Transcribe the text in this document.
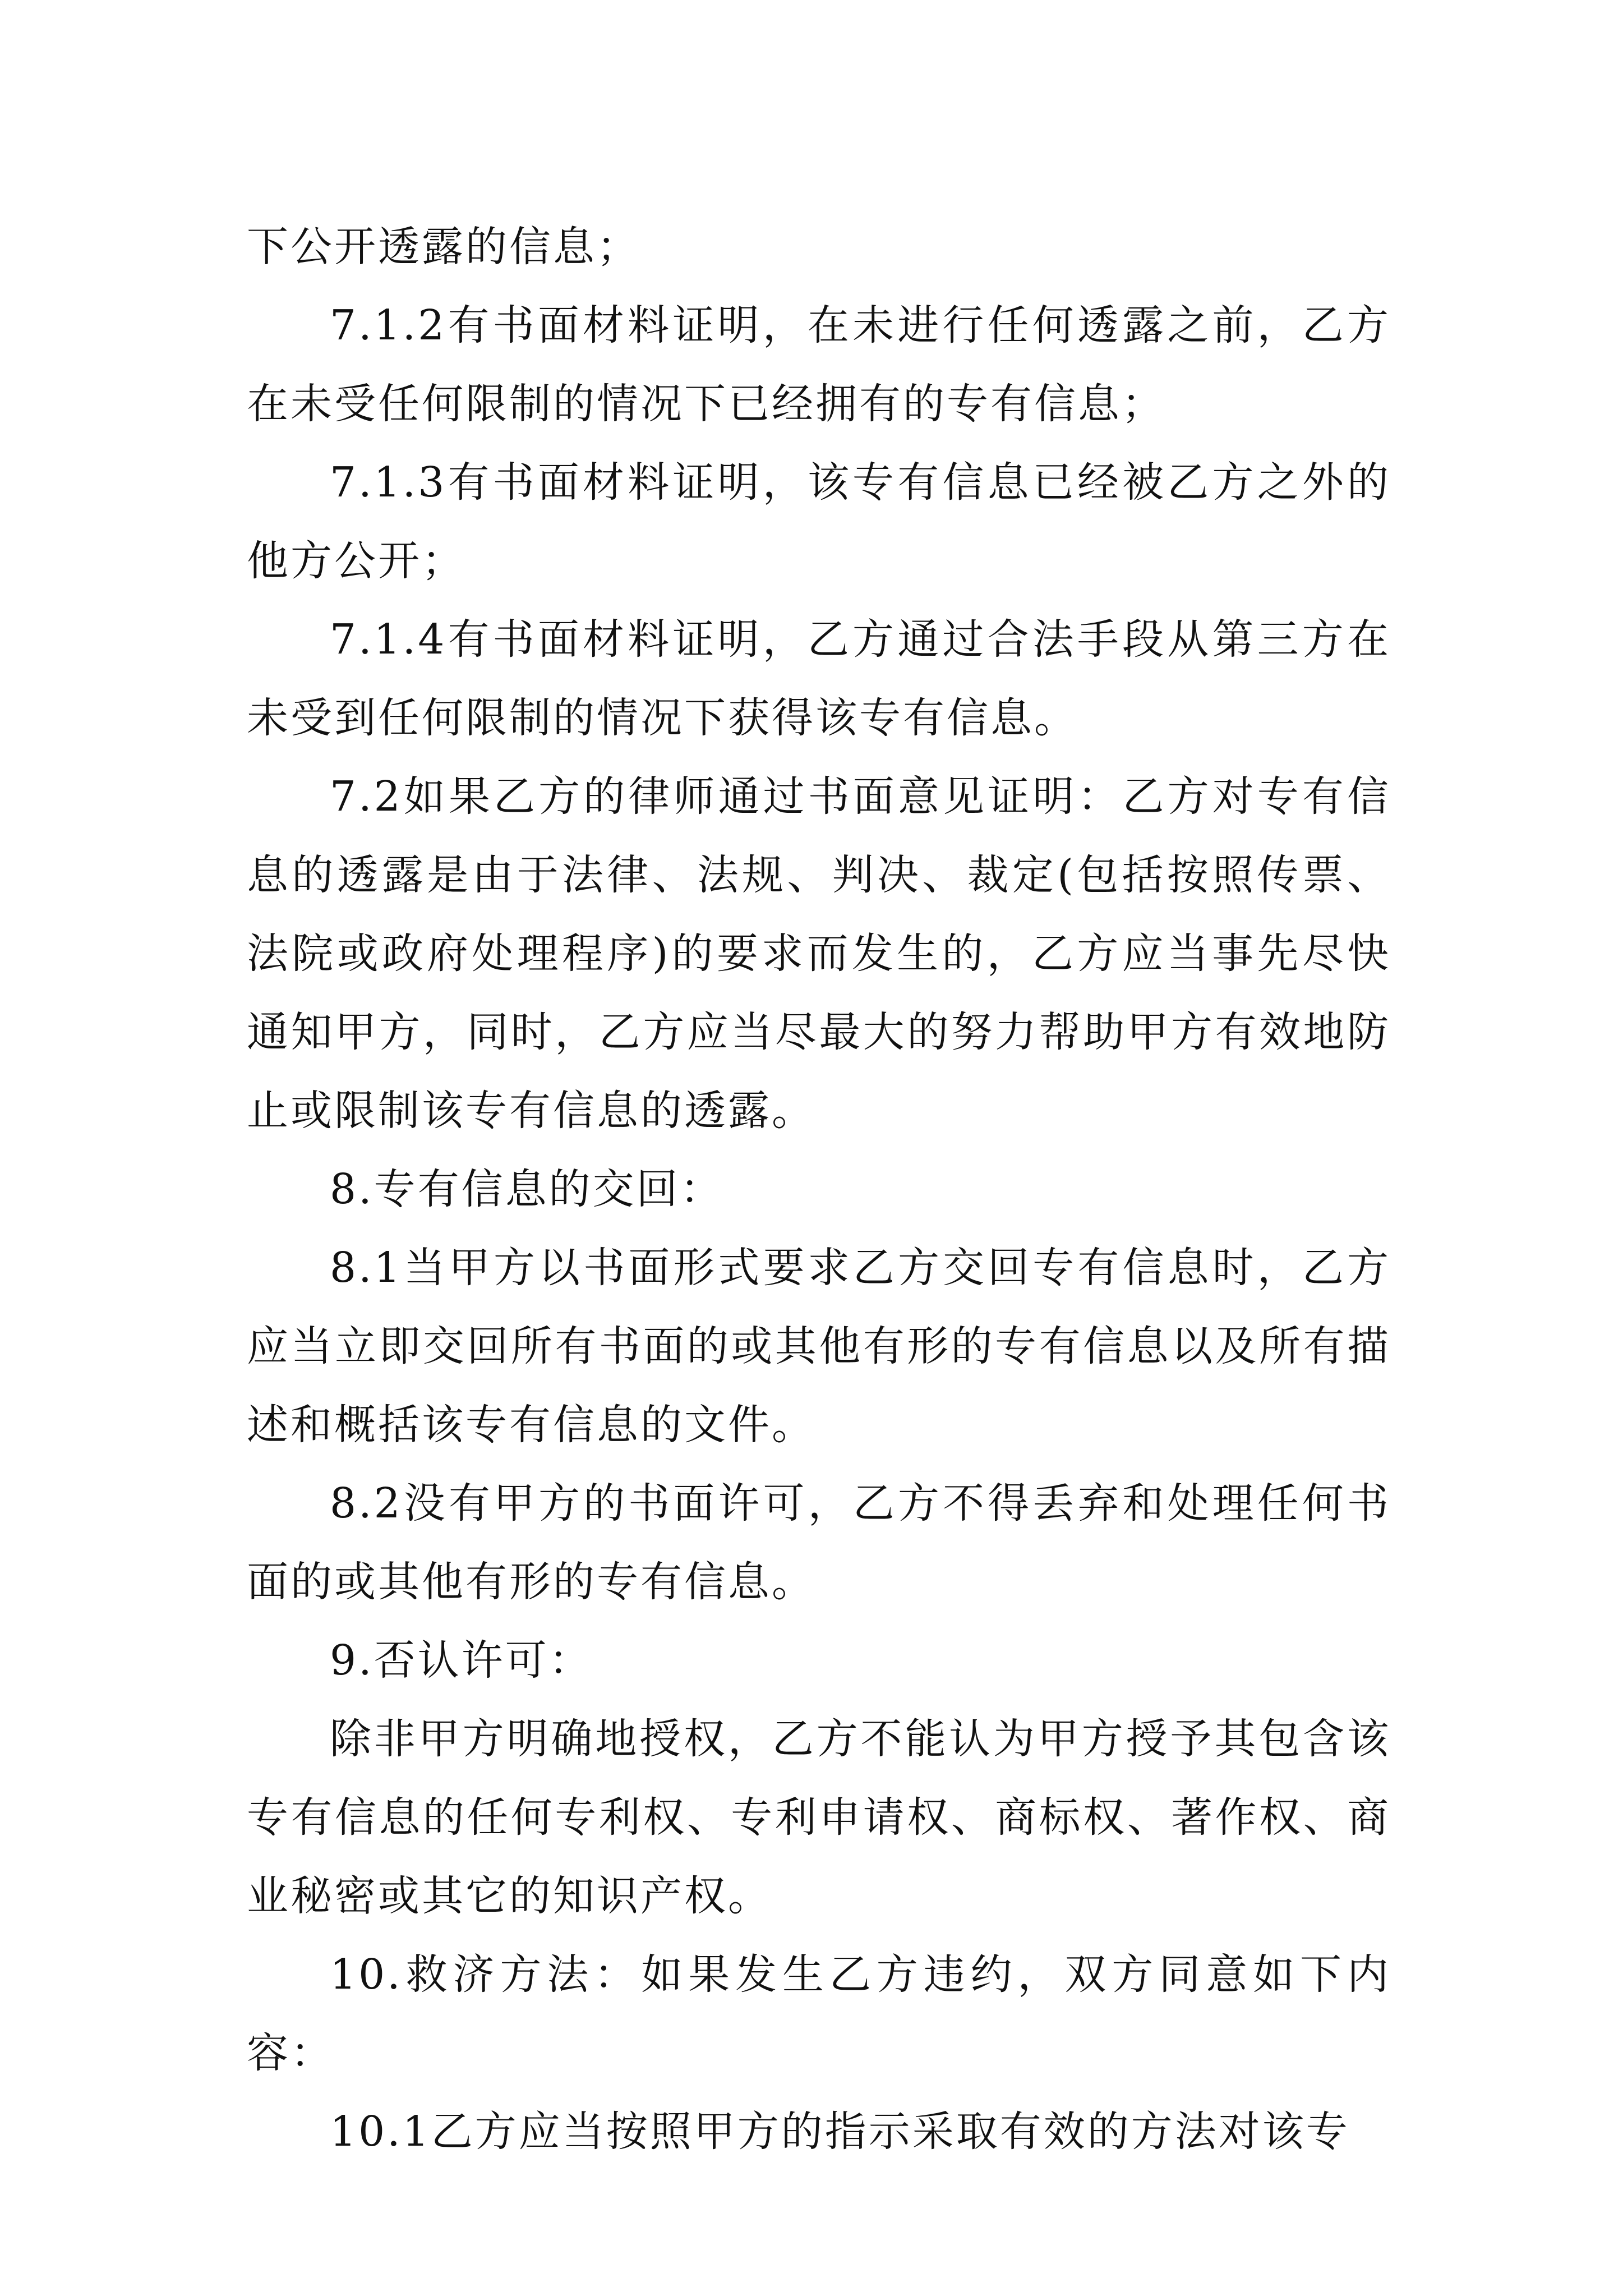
下公开透露的信息；

7.1.2有书面材料证明，在未进行任何透露之前，乙方在未受任何限制的情况下已经拥有的专有信息；

7.1.3有书面材料证明，该专有信息已经被乙方之外的他方公开；

7.1.4有书面材料证明，乙方通过合法手段从第三方在未受到任何限制的情况下获得该专有信息。

7.2如果乙方的律师通过书面意见证明：乙方对专有信息的透露是由于法律、法规、判决、裁定(包括按照传票、法院或政府处理程序)的要求而发生的，乙方应当事先尽快通知甲方，同时，乙方应当尽最大的努力帮助甲方有效地防止或限制该专有信息的透露。

8.专有信息的交回：

8.1当甲方以书面形式要求乙方交回专有信息时，乙方应当立即交回所有书面的或其他有形的专有信息以及所有描述和概括该专有信息的文件。

8.2没有甲方的书面许可，乙方不得丢弃和处理任何书面的或其他有形的专有信息。

9.否认许可：

除非甲方明确地授权，乙方不能认为甲方授予其包含该专有信息的任何专利权、专利申请权、商标权、著作权、商业秘密或其它的知识产权。

10.救济方法：如果发生乙方违约，双方同意如下内容：

10.1乙方应当按照甲方的指示采取有效的方法对该专
